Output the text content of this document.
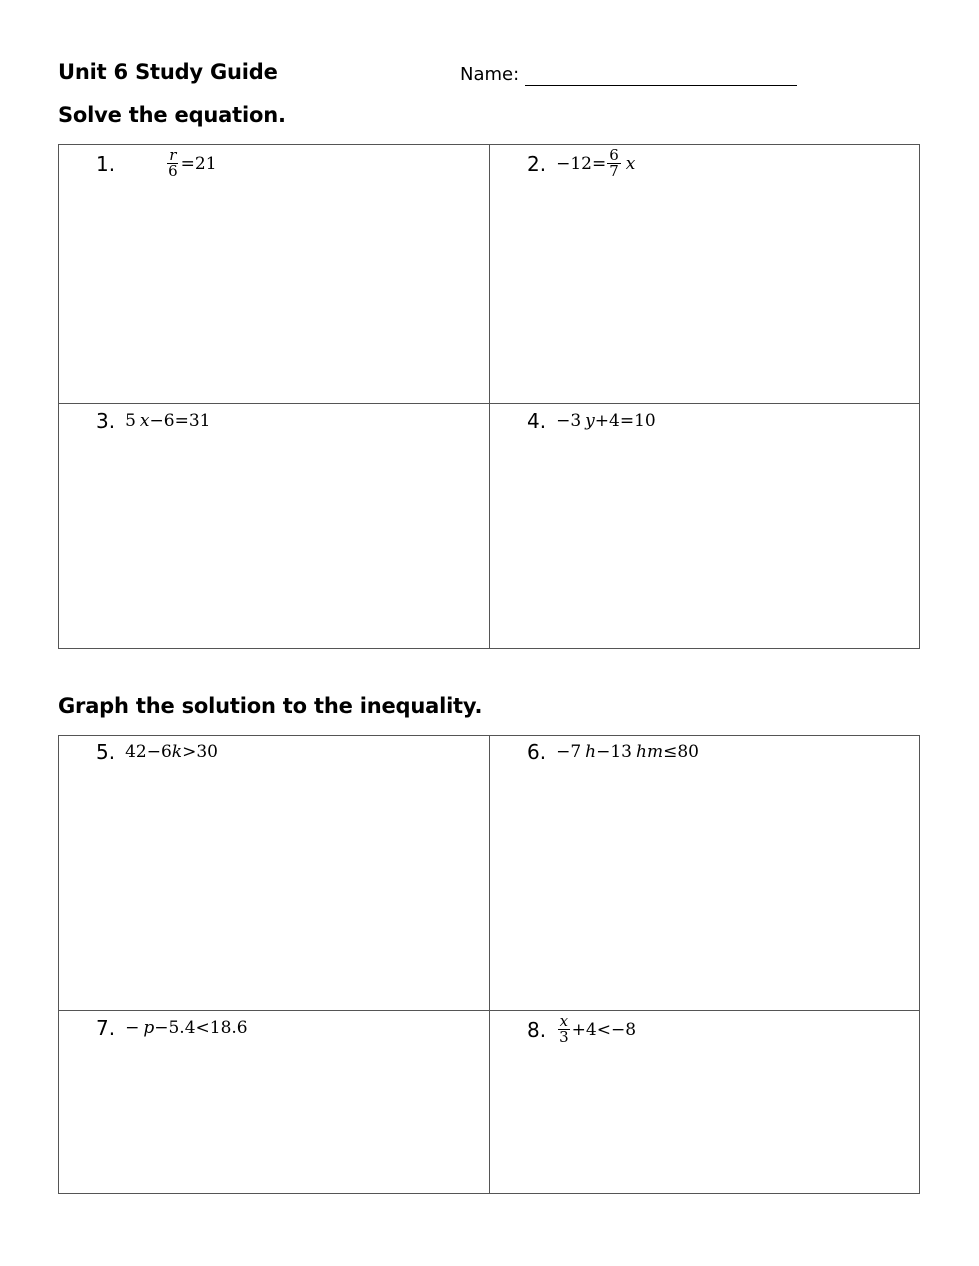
Unit 6 Study Guide	Name:
Solve the equation.
1.	$\frac{r}{6} =21$	2. $-12= \frac{6}{7}$ x
3. 5 x −6=31	4. −3 y +4=10
Graph the solution to the inequality.
5. 42−6 k >30	6. −7 h −13 hm ≤80
7. − p −5.4<18.6	8. $\frac{x}{3} +4<-8$
